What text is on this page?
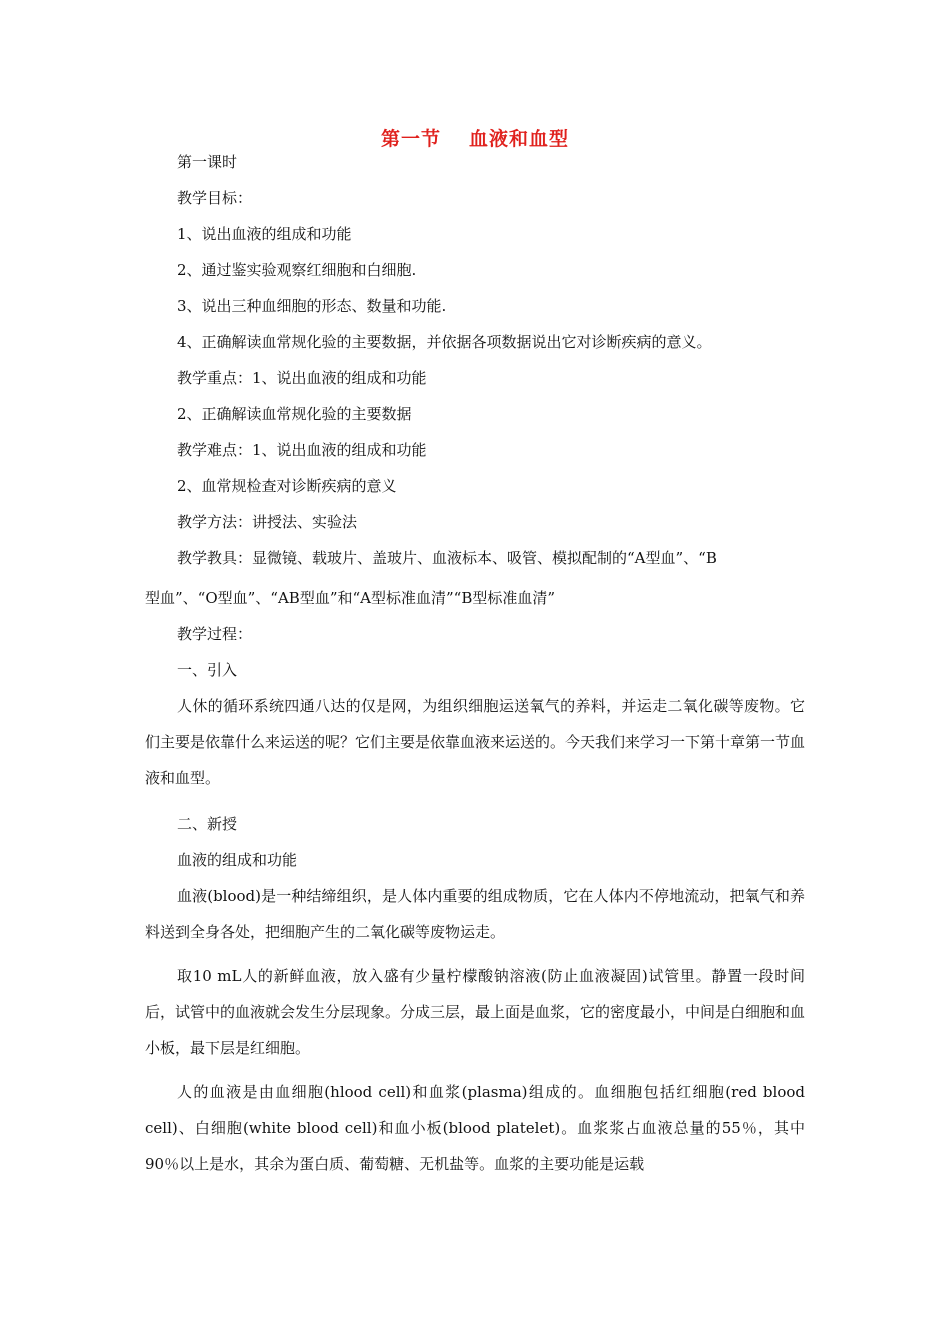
第一节 血液和血型
第一课时
教学目标：
1、说出血液的组成和功能
2、通过鉴实验观察红细胞和白细胞.
3、说出三种血细胞的形态、数量和功能.
4、正确解读血常规化验的主要数据，并依据各项数据说出它对诊断疾病的意义。
教学重点：1、说出血液的组成和功能
2、正确解读血常规化验的主要数据
教学难点：1、说出血液的组成和功能
2、血常规检查对诊断疾病的意义
教学方法：讲授法、实验法
教学教具：显微镜、载玻片、盖玻片、血液标本、吸管、模拟配制的“A型血”、“B
型血”、“O型血”、“AB型血”和“A型标准血清”“B型标准血清”
教学过程：
一、引入
人休的循环系统四通八达的仅是网，为组织细胞运送氧气的养料，并运走二氧化碳等废物。它们主要是依靠什么来运送的呢？它们主要是依靠血液来运送的。今天我们来学习一下第十章第一节血液和血型。
二、新授
血液的组成和功能
血液(blood)是一种结缔组织，是人体内重要的组成物质，它在人体内不停地流动，把氧气和养料送到全身各处，把细胞产生的二氧化碳等废物运走。
取10 mL人的新鲜血液，放入盛有少量柠檬酸钠溶液(防止血液凝固)试管里。静置一段时间后，试管中的血液就会发生分层现象。分成三层，最上面是血浆，它的密度最小，中间是白细胞和血小板，最下层是红细胞。
人的血液是由血细胞(hlood cell)和血浆(plasma)组成的。血细胞包括红细胞(red blood cell)、白细胞(white blood cell)和血小板(blood platelet)。血浆浆占血液总量的55％，其中90％以上是水，其余为蛋白质、葡萄糖、无机盐等。血浆的主要功能是运载
